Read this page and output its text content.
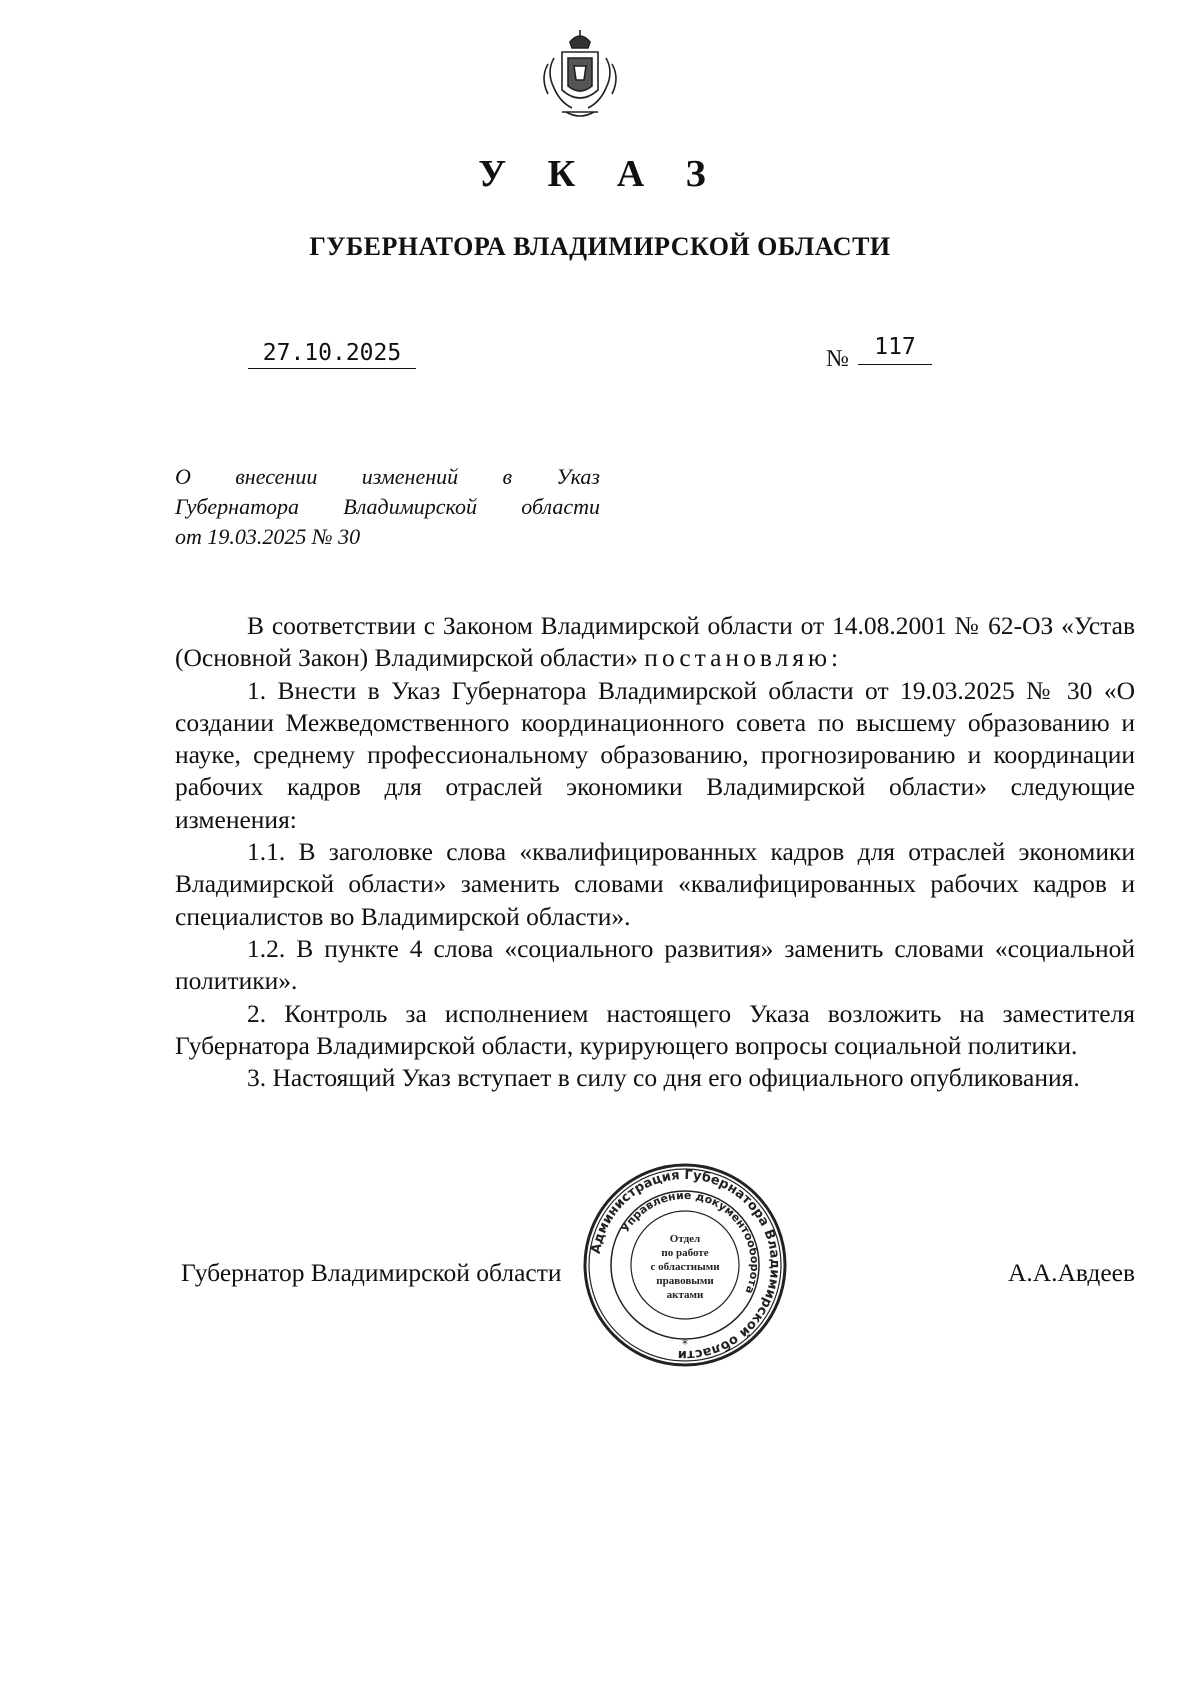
У К А З
ГУБЕРНАТОРА ВЛАДИМИРСКОЙ ОБЛАСТИ
27.10.2025	№	117
О внесении изменений в Указ
Губернатора Владимирской области
от 19.03.2025 № 30

В соответствии с Законом Владимирской области от 14.08.2001 № 62-ОЗ «Устав (Основной Закон) Владимирской области» постановляю:

1. Внести в Указ Губернатора Владимирской области от 19.03.2025 № 30 «О создании Межведомственного координационного совета по высшему образованию и науке, среднему профессиональному образованию, прогнозированию и координации рабочих кадров для отраслей экономики Владимирской области» следующие изменения:

1.1. В заголовке слова «квалифицированных кадров для отраслей экономики Владимирской области» заменить словами «квалифицированных рабочих кадров и специалистов во Владимирской области».

1.2. В пункте 4 слова «социального развития» заменить словами «социальной политики».

2. Контроль за исполнением настоящего Указа возложить на заместителя Губернатора Владимирской области, курирующего вопросы социальной политики.

3. Настоящий Указ вступает в силу со дня его официального опубликования.

Губернатор Владимирской области	А.А.Авдеев
Администрация Губернатора Владимирской области
Управление документооборота
Отдел
по работе
с областными
правовыми
актами
*
